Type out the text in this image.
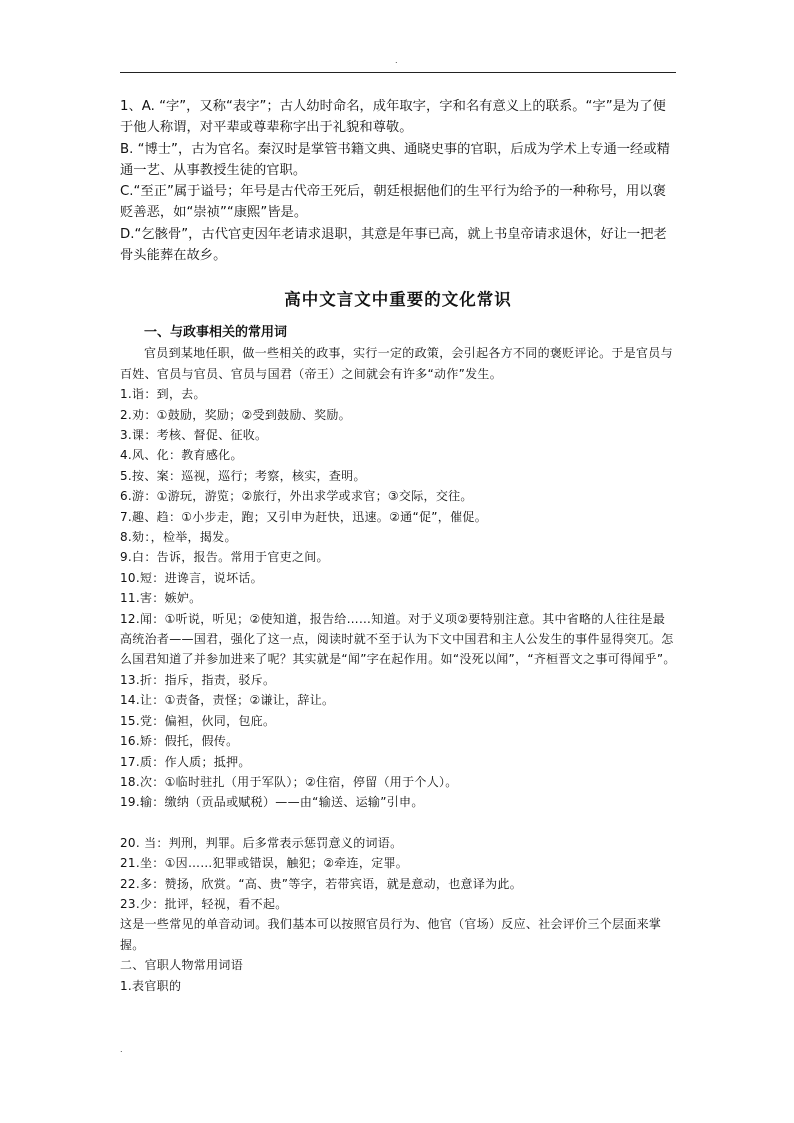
.

1、A. “字”，又称“表字”；古人幼时命名，成年取字，字和名有意义上的联系。“字”是为了便于他人称谓，对平辈或尊辈称字出于礼貌和尊敬。

B. “博士”，古为官名。秦汉时是掌管书籍文典、通晓史事的官职，后成为学术上专通一经或精通一艺、从事教授生徒的官职。

C.“至正”属于谥号；年号是古代帝王死后，朝廷根据他们的生平行为给予的一种称号，用以褒贬善恶，如“崇祯”“康熙”皆是。

D.“乞骸骨”，古代官吏因年老请求退职，其意是年事已高，就上书皇帝请求退休，好让一把老骨头能葬在故乡。

高中文言文中重要的文化常识
一、与政事相关的常用词

官员到某地任职，做一些相关的政事，实行一定的政策，会引起各方不同的褒贬评论。于是官员与百姓、官员与官员、官员与国君（帝王）之间就会有许多“动作”发生。

1.诣：到，去。

2.劝：①鼓励，奖励；②受到鼓励、奖励。

3.课：考核、督促、征收。

4.风、化：教育感化。

5.按、案：巡视，巡行；考察，核实，查明。

6.游：①游玩，游览；②旅行，外出求学或求官；③交际，交往。

7.趣、趋：①小步走，跑；又引申为赶快，迅速。②通“促”，催促。

8.劾：，检举，揭发。

9.白：告诉，报告。常用于官吏之间。

10.短：进谗言，说坏话。

11.害：嫉妒。

12.闻：①听说，听见；②使知道，报告给……知道。对于义项②要特别注意。其中省略的人往往是最高统治者——国君，强化了这一点，阅读时就不至于认为下文中国君和主人公发生的事件显得突兀。怎么国君知道了并参加进来了呢？其实就是“闻”字在起作用。如“没死以闻”，“齐桓晋文之事可得闻乎”。

13.折：指斥，指责，驳斥。

14.让：①责备，责怪；②谦让，辞让。

15.党：偏袒，伙同，包庇。

16.矫：假托，假传。

17.质：作人质；抵押。

18.次：①临时驻扎（用于军队）；②住宿，停留（用于个人）。

19.输：缴纳（贡品或赋税）——由“输送、运输”引申。

20. 当：判刑，判罪。后多常表示惩罚意义的词语。

21.坐：①因……犯罪或错误，触犯；②牵连，定罪。

22.多：赞扬，欣赏。“高、贵”等字，若带宾语，就是意动，也意译为此。

23.少：批评，轻视，看不起。

这是一些常见的单音动词。我们基本可以按照官员行为、他官（官场）反应、社会评价三个层面来掌握。

二、官职人物常用词语

1.表官职的

.
